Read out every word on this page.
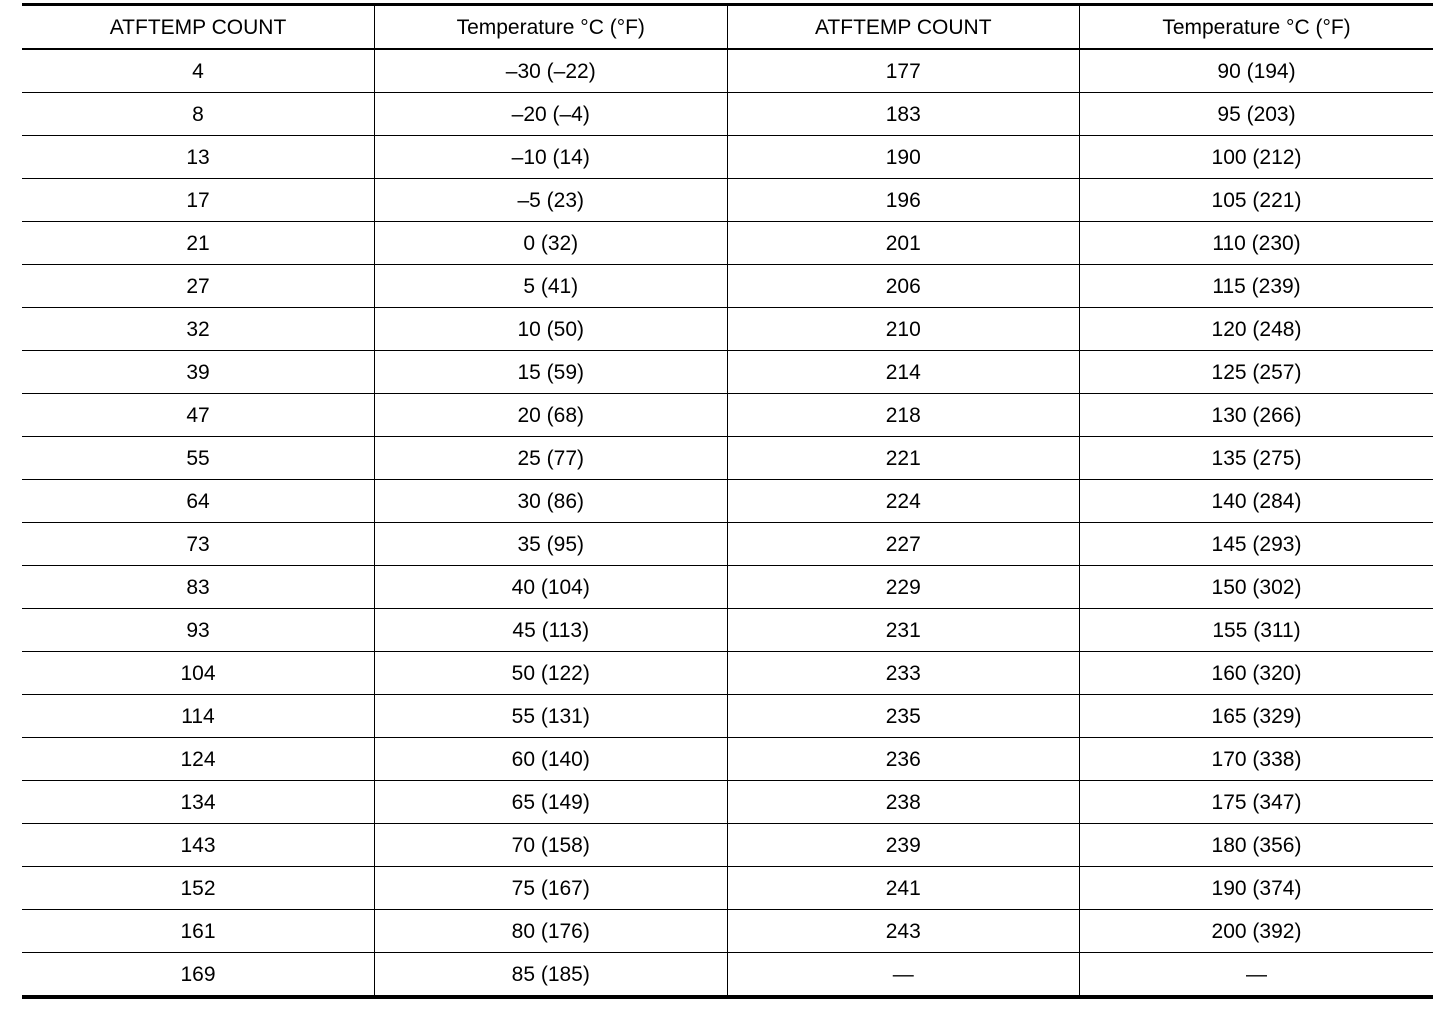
ATFTEMP COUNT	Temperature °C (°F)	ATFTEMP COUNT	Temperature °C (°F)
4	–30 (–22)	177	90 (194)
8	–20 (–4)	183	95 (203)
13	–10 (14)	190	100 (212)
17	–5 (23)	196	105 (221)
21	0 (32)	201	110 (230)
27	5 (41)	206	115 (239)
32	10 (50)	210	120 (248)
39	15 (59)	214	125 (257)
47	20 (68)	218	130 (266)
55	25 (77)	221	135 (275)
64	30 (86)	224	140 (284)
73	35 (95)	227	145 (293)
83	40 (104)	229	150 (302)
93	45 (113)	231	155 (311)
104	50 (122)	233	160 (320)
114	55 (131)	235	165 (329)
124	60 (140)	236	170 (338)
134	65 (149)	238	175 (347)
143	70 (158)	239	180 (356)
152	75 (167)	241	190 (374)
161	80 (176)	243	200 (392)
169	85 (185)	—	—
